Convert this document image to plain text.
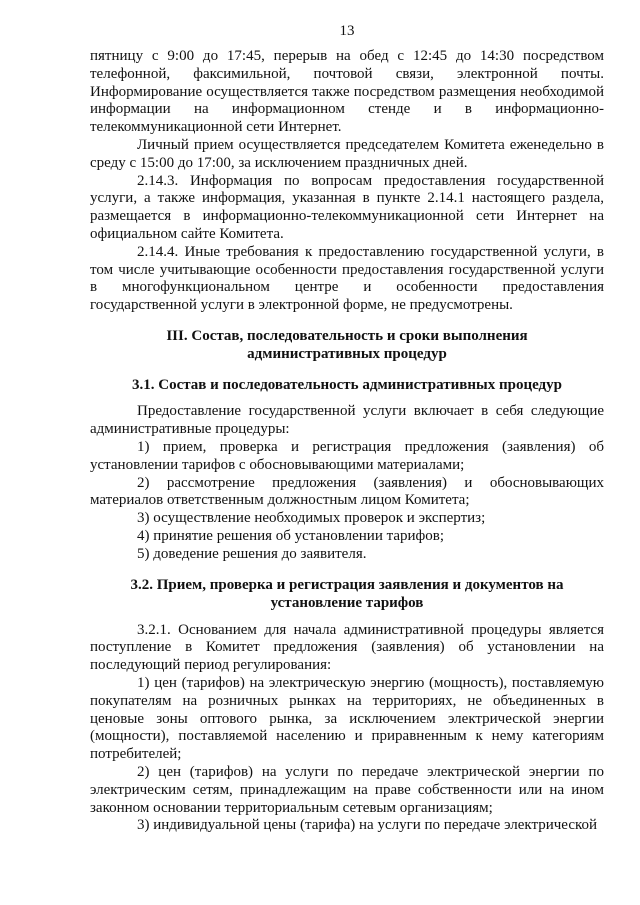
13

пятницу с 9:00 до 17:45, перерыв на обед с 12:45 до 14:30 посредством телефонной, факсимильной, почтовой связи, электронной почты. Информирование осуществляется также посредством размещения необходимой информации на информационном стенде и в информационно-телекоммуникационной сети Интернет.

Личный прием осуществляется председателем Комитета еженедельно в среду с 15:00 до 17:00, за исключением праздничных дней.

2.14.3. Информация по вопросам предоставления государственной услуги, а также информация, указанная в пункте 2.14.1 настоящего раздела, размещается в информационно-телекоммуникационной сети Интернет на официальном сайте Комитета.

2.14.4. Иные требования к предоставлению государственной услуги, в том числе учитывающие особенности предоставления государственной услуги в многофункциональном центре и особенности предоставления государственной услуги в электронной форме, не предусмотрены.

III. Состав, последовательность и сроки выполнения
административных процедур
3.1. Состав и последовательность административных процедур

Предоставление государственной услуги включает в себя следующие административные процедуры:

1) прием, проверка и регистрация предложения (заявления) об установлении тарифов с обосновывающими материалами;

2) рассмотрение предложения (заявления) и обосновывающих материалов ответственным должностным лицом Комитета;

3) осуществление необходимых проверок и экспертиз;

4) принятие решения об установлении тарифов;

5) доведение решения до заявителя.

3.2. Прием, проверка и регистрация заявления и документов на
установление тарифов

3.2.1. Основанием для начала административной процедуры является поступление в Комитет предложения (заявления) об установлении на последующий период регулирования:

1) цен (тарифов) на электрическую энергию (мощность), поставляемую покупателям на розничных рынках на территориях, не объединенных в ценовые зоны оптового рынка, за исключением электрической энергии (мощности), поставляемой населению и приравненным к нему категориям потребителей;

2) цен (тарифов) на услуги по передаче электрической энергии по электрическим сетям, принадлежащим на праве собственности или на ином законном основании территориальным сетевым организациям;

3) индивидуальной цены (тарифа) на услуги по передаче электрической
